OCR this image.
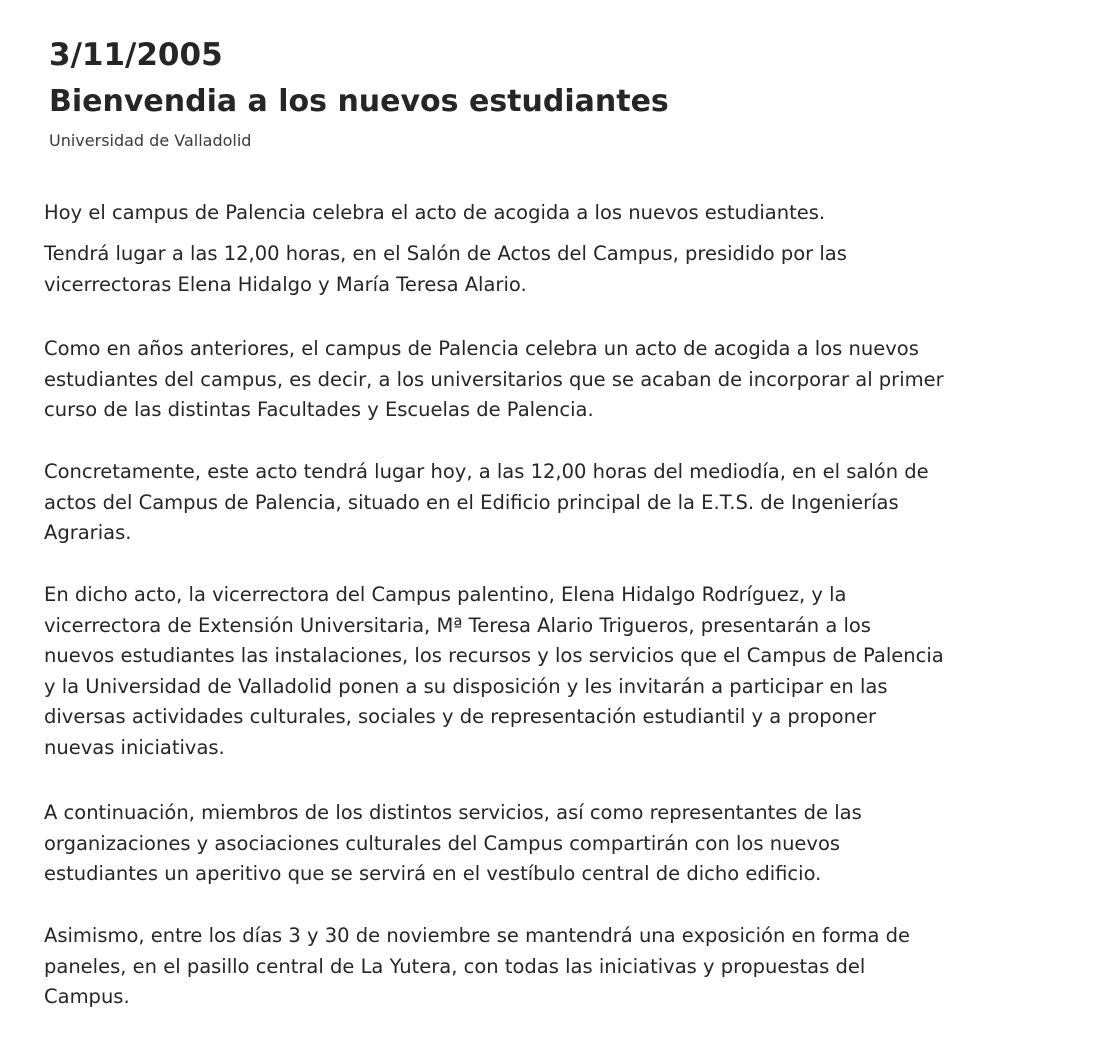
3/11/2005
Bienvendia a los nuevos estudiantes
Universidad de Valladolid

Hoy el campus de Palencia celebra el acto de acogida a los nuevos estudiantes.

Tendrá lugar a las 12,00 horas, en el Salón de Actos del Campus, presidido por las
vicerrectoras Elena Hidalgo y María Teresa Alario.

Como en años anteriores, el campus de Palencia celebra un acto de acogida a los nuevos
estudiantes del campus, es decir, a los universitarios que se acaban de incorporar al primer
curso de las distintas Facultades y Escuelas de Palencia.

Concretamente, este acto tendrá lugar hoy, a las 12,00 horas del mediodía, en el salón de
actos del Campus de Palencia, situado en el Edificio principal de la E.T.S. de Ingenierías
Agrarias.

En dicho acto, la vicerrectora del Campus palentino, Elena Hidalgo Rodríguez, y la
vicerrectora de Extensión Universitaria, Mª Teresa Alario Trigueros, presentarán a los
nuevos estudiantes las instalaciones, los recursos y los servicios que el Campus de Palencia
y la Universidad de Valladolid ponen a su disposición y les invitarán a participar en las
diversas actividades culturales, sociales y de representación estudiantil y a proponer
nuevas iniciativas.

A continuación, miembros de los distintos servicios, así como representantes de las
organizaciones y asociaciones culturales del Campus compartirán con los nuevos
estudiantes un aperitivo que se servirá en el vestíbulo central de dicho edificio.

Asimismo, entre los días 3 y 30 de noviembre se mantendrá una exposición en forma de
paneles, en el pasillo central de La Yutera, con todas las iniciativas y propuestas del
Campus.
